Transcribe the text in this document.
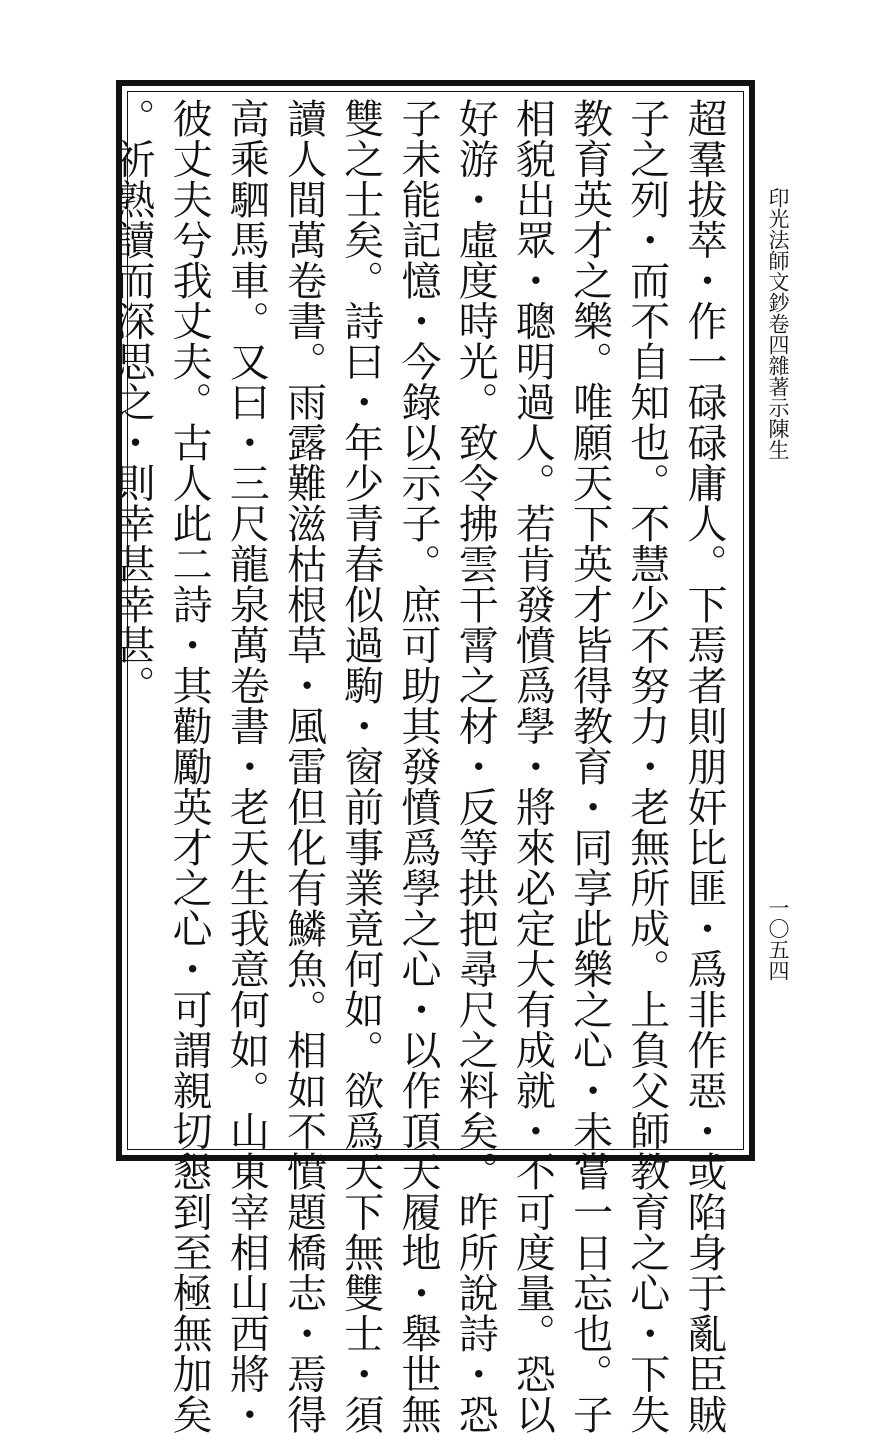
印光法師文鈔卷四雜著示陳生
一〇五四
超羣拔萃・作一碌碌庸人。下焉者則朋奸比匪・爲非作惡・或陷身于亂臣賊
子之列・而不自知也。不慧少不努力・老無所成。上負父師教育之心・下失
教育英才之樂。唯願天下英才皆得教育・同享此樂之心・未嘗一日忘也。子
相貌出眾・聰明過人。若肯發憤爲學・將來必定大有成就・不可度量。恐以
好游・虛度時光。致令拂雲干霄之材・反等拱把尋尺之料矣。昨所說詩・恐
子未能記憶・今錄以示子。庶可助其發憤爲學之心・以作頂天履地・舉世無
雙之士矣。詩曰・年少青春似過駒・窗前事業竟何如。欲爲天下無雙士・須
讀人間萬卷書。雨露難滋枯根草・風雷但化有鱗魚。相如不憤題橋志・焉得
高乘駟馬車。又曰・三尺龍泉萬卷書・老天生我意何如。山東宰相山西將・
彼丈夫兮我丈夫。古人此二詩・其勸勵英才之心・可謂親切懇到至極無加矣
。祈熟讀而深思之・則幸甚幸甚。
